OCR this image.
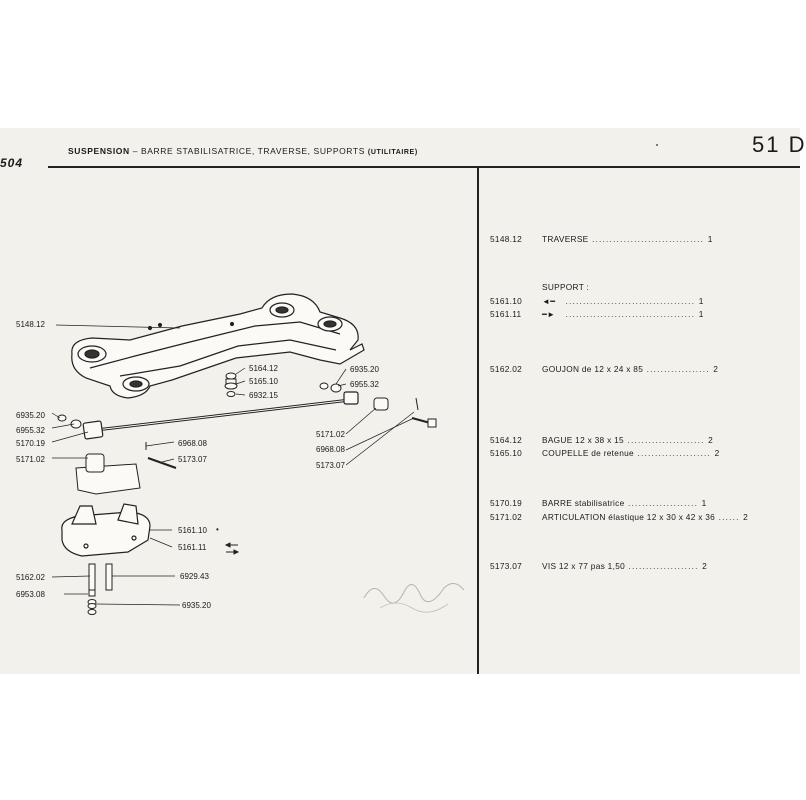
SUSPENSION – BARRE STABILISATRICE, TRAVERSE, SUPPORTS (UTILITAIRE)
504
51 D
5148.12
5164.12
5165.10
6932.15
6935.20
6955.32
6935.20
6955.32
5170.19	6968.08
5171.02	5173.07
5171.02
6968.08
5173.07
5161.10
5161.11
5162.02	6929.43
6953.08
6935.20
•
5148.12 TRAVERSE ................................ 1
SUPPORT :
5161.10 ◄━ ..................................... 1
5161.11	━► ..................................... 1
5162.02 GOUJON de 12 x 24 x 85 .................. 2
5164.12 BAGUE 12 x 38 x 15 ...................... 2
5165.10 COUPELLE de retenue ..................... 2
5170.19 BARRE stabilisatrice .................... 1
5171.02 ARTICULATION élastique 12 x 30 x 42 x 36 ...... 2
5173.07 VIS 12 x 77 pas 1,50 .................... 2
